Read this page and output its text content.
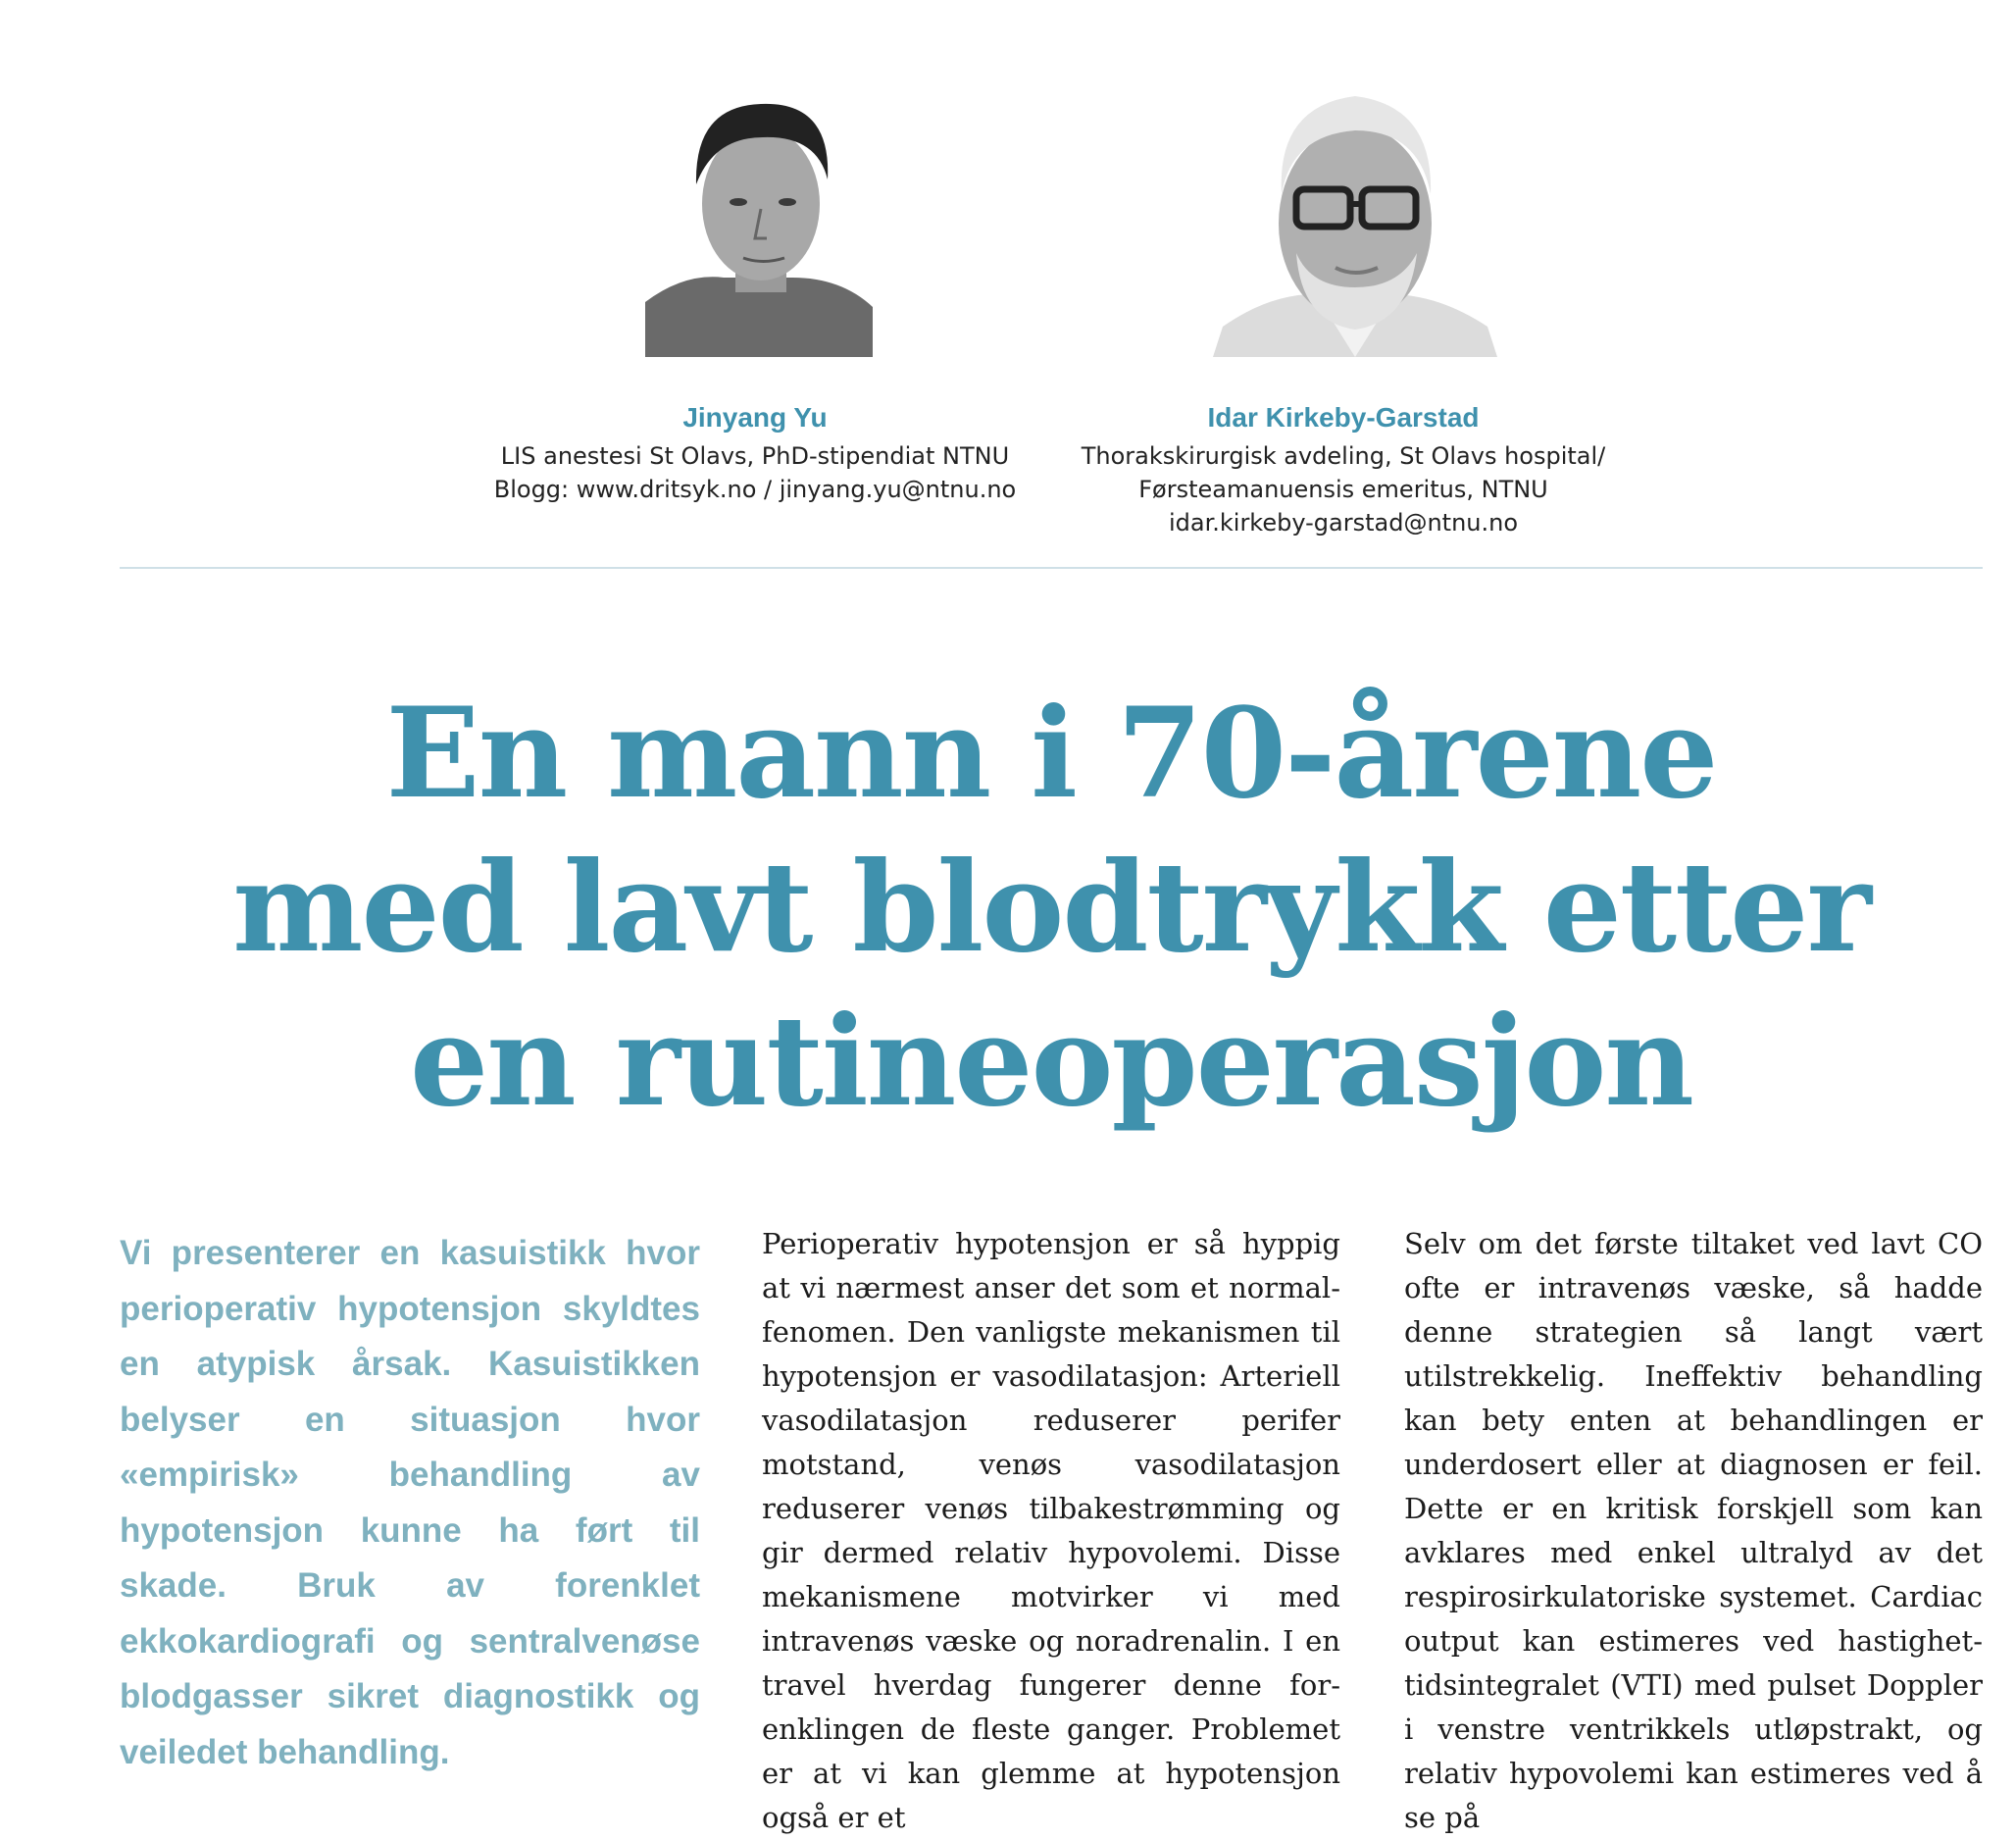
Jinyang Yu
LIS anestesi St Olavs, PhD-stipendiat NTNU
Blogg: www.dritsyk.no / jinyang.yu@ntnu.no
Idar Kirkeby-Garstad
Thorakskirurgisk avdeling, St Olavs hospital/
Førsteamanuensis emeritus, NTNU
idar.kirkeby-garstad@ntnu.no
En mann i 70-årene
med lavt blodtrykk etter
en rutineoperasjon
Vi presenterer en kasuistikk hvor perioperativ hypotensjon skyldtes en atypisk årsak. Kasuistikken belyser en situasjon hvor «empirisk» behandling av hypotensjon kunne ha ført til skade. Bruk av forenklet ekkokardiografi og sentralvenøse blodgasser sikret diagnostikk og veiledet behandling.
Perioperativ hypotensjon er så hyppig at vi nærmest anser det som et normal-fenomen. Den vanligste mekanismen til hypotensjon er vasodilatasjon: Arteriell vasodilatasjon reduserer perifer motstand, venøs vasodilatasjon reduserer venøs tilbakestrømming og gir dermed relativ hypovolemi. Disse mekanismene motvirker vi med intravenøs væske og noradrenalin. I en travel hverdag fungerer denne for-enklingen de fleste ganger. Problemet er at vi kan glemme at hypotensjon også er et
Selv om det første tiltaket ved lavt CO ofte er intravenøs væske, så hadde denne strategien så langt vært utilstrekkelig. Ineffektiv behandling kan bety enten at behandlingen er underdosert eller at diagnosen er feil. Dette er en kritisk forskjell som kan avklares med enkel ultralyd av det respirosirkulatoriske systemet. Cardiac output kan estimeres ved hastighet-tidsintegralet (VTI) med pulset Doppler i venstre ventrikkels utløpstrakt, og relativ hypovolemi kan estimeres ved å se på
